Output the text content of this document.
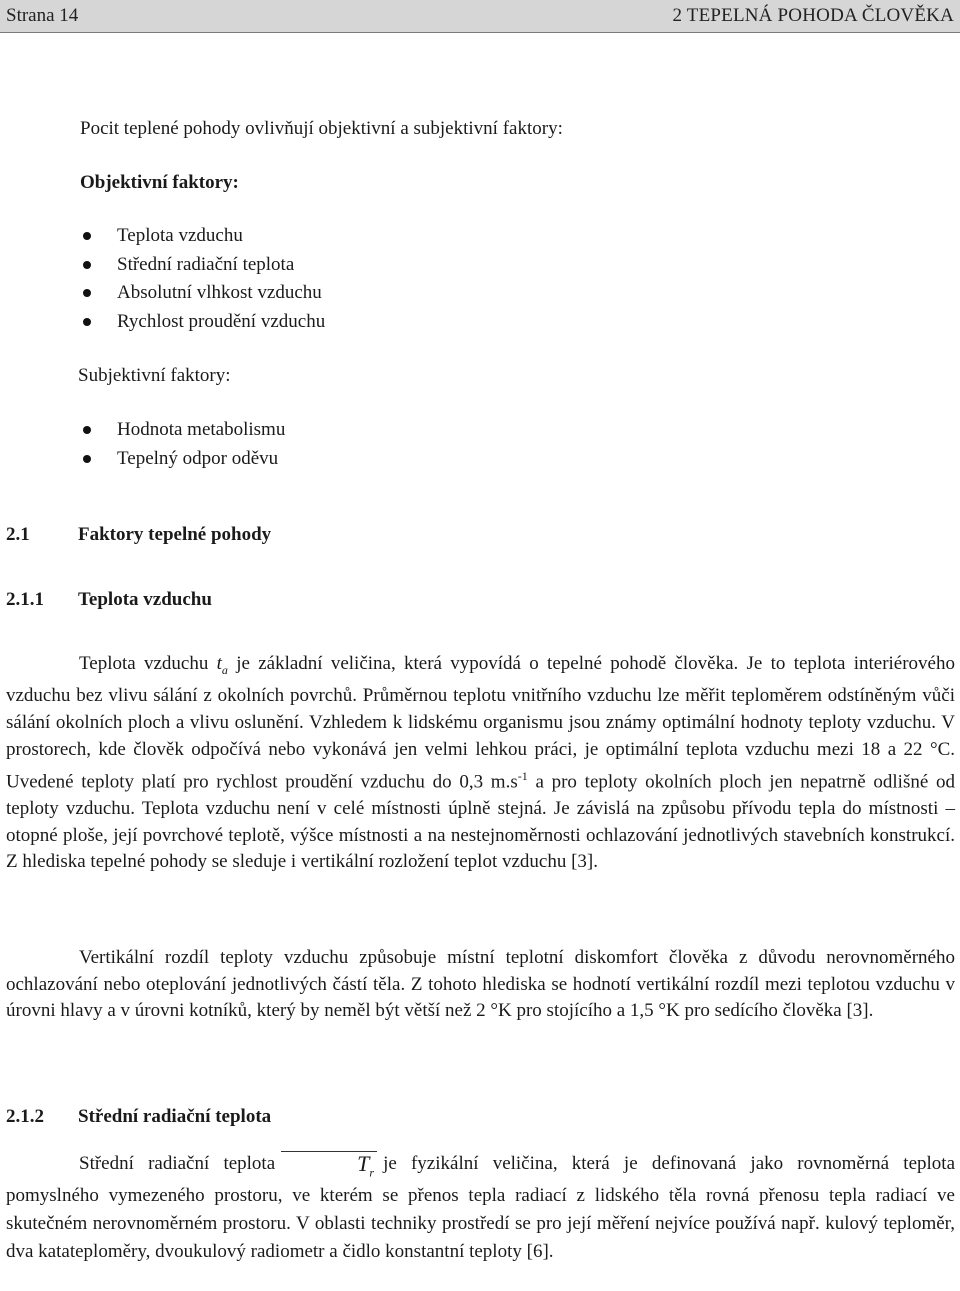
Strana 14	2 TEPELNÁ POHODA ČLOVĚKA
Pocit teplené pohody ovlivňují objektivní a subjektivní faktory:
Objektivní faktory:
Teplota vzduchu
Střední radiační teplota
Absolutní vlhkost vzduchu
Rychlost proudění vzduchu
Subjektivní faktory:
Hodnota metabolismu
Tepelný odpor oděvu
2.1	Faktory tepelné pohody
2.1.1 Teplota vzduchu
Teplota vzduchu $t_a$ je základní veličina, která vypovídá o tepelné pohodě člověka. Je to teplota interiérového vzduchu bez vlivu sálání z okolních povrchů. Průměrnou teplotu vnitřního vzduchu lze měřit teploměrem odstíněným vůči sálání okolních ploch a vlivu oslunění. Vzhledem k lidskému organismu jsou známy optimální hodnoty teploty vzduchu. V prostorech, kde člověk odpočívá nebo vykonává jen velmi lehkou práci, je optimální teplota vzduchu mezi 18 a 22 °C. Uvedené teploty platí pro rychlost proudění vzduchu do 0,3 $m.s^{-1}$ a pro teploty okolních ploch jen nepatrně odlišné od teploty vzduchu. Teplota vzduchu není v celé místnosti úplně stejná. Je závislá na způsobu přívodu tepla do místnosti – otopné ploše, její povrchové teplotě, výšce místnosti a na nestejnoměrnosti ochlazování jednotlivých stavebních konstrukcí. Z hlediska tepelné pohody se sleduje i vertikální rozložení teplot vzduchu [3].
Vertikální rozdíl teploty vzduchu způsobuje místní teplotní diskomfort člověka z důvodu nerovnoměrného ochlazování nebo oteplování jednotlivých částí těla. Z tohoto hlediska se hodnotí vertikální rozdíl mezi teplotou vzduchu v úrovni hlavy a v úrovni kotníků, který by neměl být větší než 2 °K pro stojícího a 1,5 °K pro sedícího člověka [3].
2.1.2 Střední radiační teplota
Střední radiační teplota	$T_r$ je fyzikální veličina, která je definovaná jako rovnoměrná teplota pomyslného vymezeného prostoru, ve kterém se přenos tepla radiací z lidského těla rovná přenosu tepla radiací ve skutečném nerovnoměrném prostoru. V oblasti techniky prostředí se pro její měření nejvíce používá např. kulový teploměr, dva katateploměry, dvoukulový radiometr a čidlo konstantní teploty [6].
